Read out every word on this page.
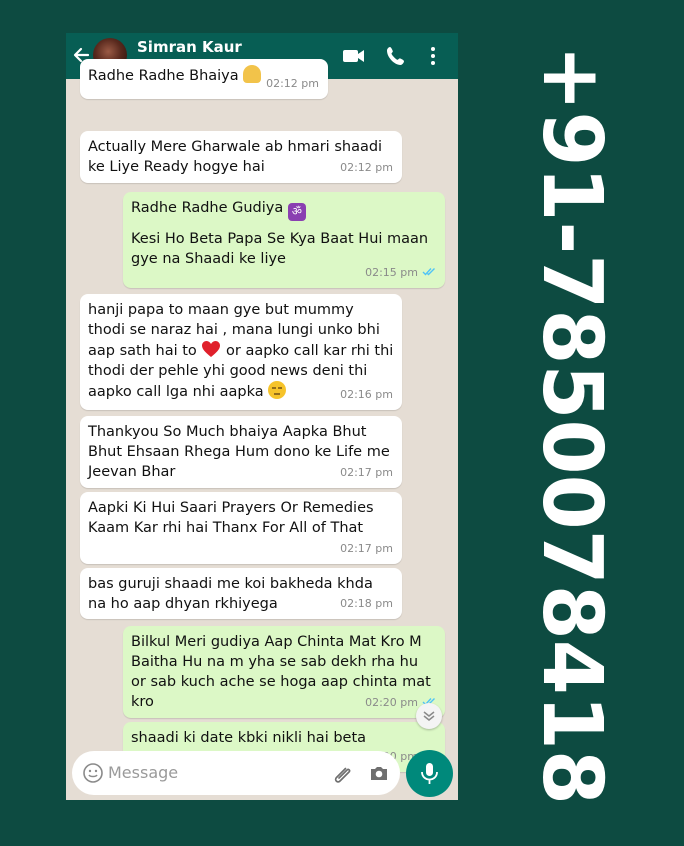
Simran Kaur
Radhe Radhe Bhaiya 02:12 pm
Actually Mere Gharwale ab hmari shaadi ke Liye Ready hogye hai	02:12 pm
Radhe Radhe Gudiya ॐ
Kesi Ho Beta Papa Se Kya Baat Hui maan gye na Shaadi ke liye
02:15 pm
hanji papa to maan gye but mummy thodi se naraz hai , mana lungi unko bhi aap sath hai to  or aapko call kar rhi thi thodi der pehle yhi good news deni thi aapko call lga nhi aapka	02:16 pm
Thankyou So Much bhaiya Aapka Bhut Bhut Ehsaan Rhega Hum dono ke Life me Jeevan Bhar	02:17 pm
Aapki Ki Hui Saari Prayers Or Remedies Kaam Kar rhi hai Thanx For All of That
02:17 pm
bas guruji shaadi me koi bakheda khda na ho aap dhyan rkhiyega	02:18 pm
Bilkul Meri gudiya Aap Chinta Mat Kro M Baitha Hu na m yha se sab dekh rha hu or sab kuch ache se hoga aap chinta mat kro	02:20 pm
shaadi ki date kbki nikli hai beta
pm
Message	+91-7850078418
